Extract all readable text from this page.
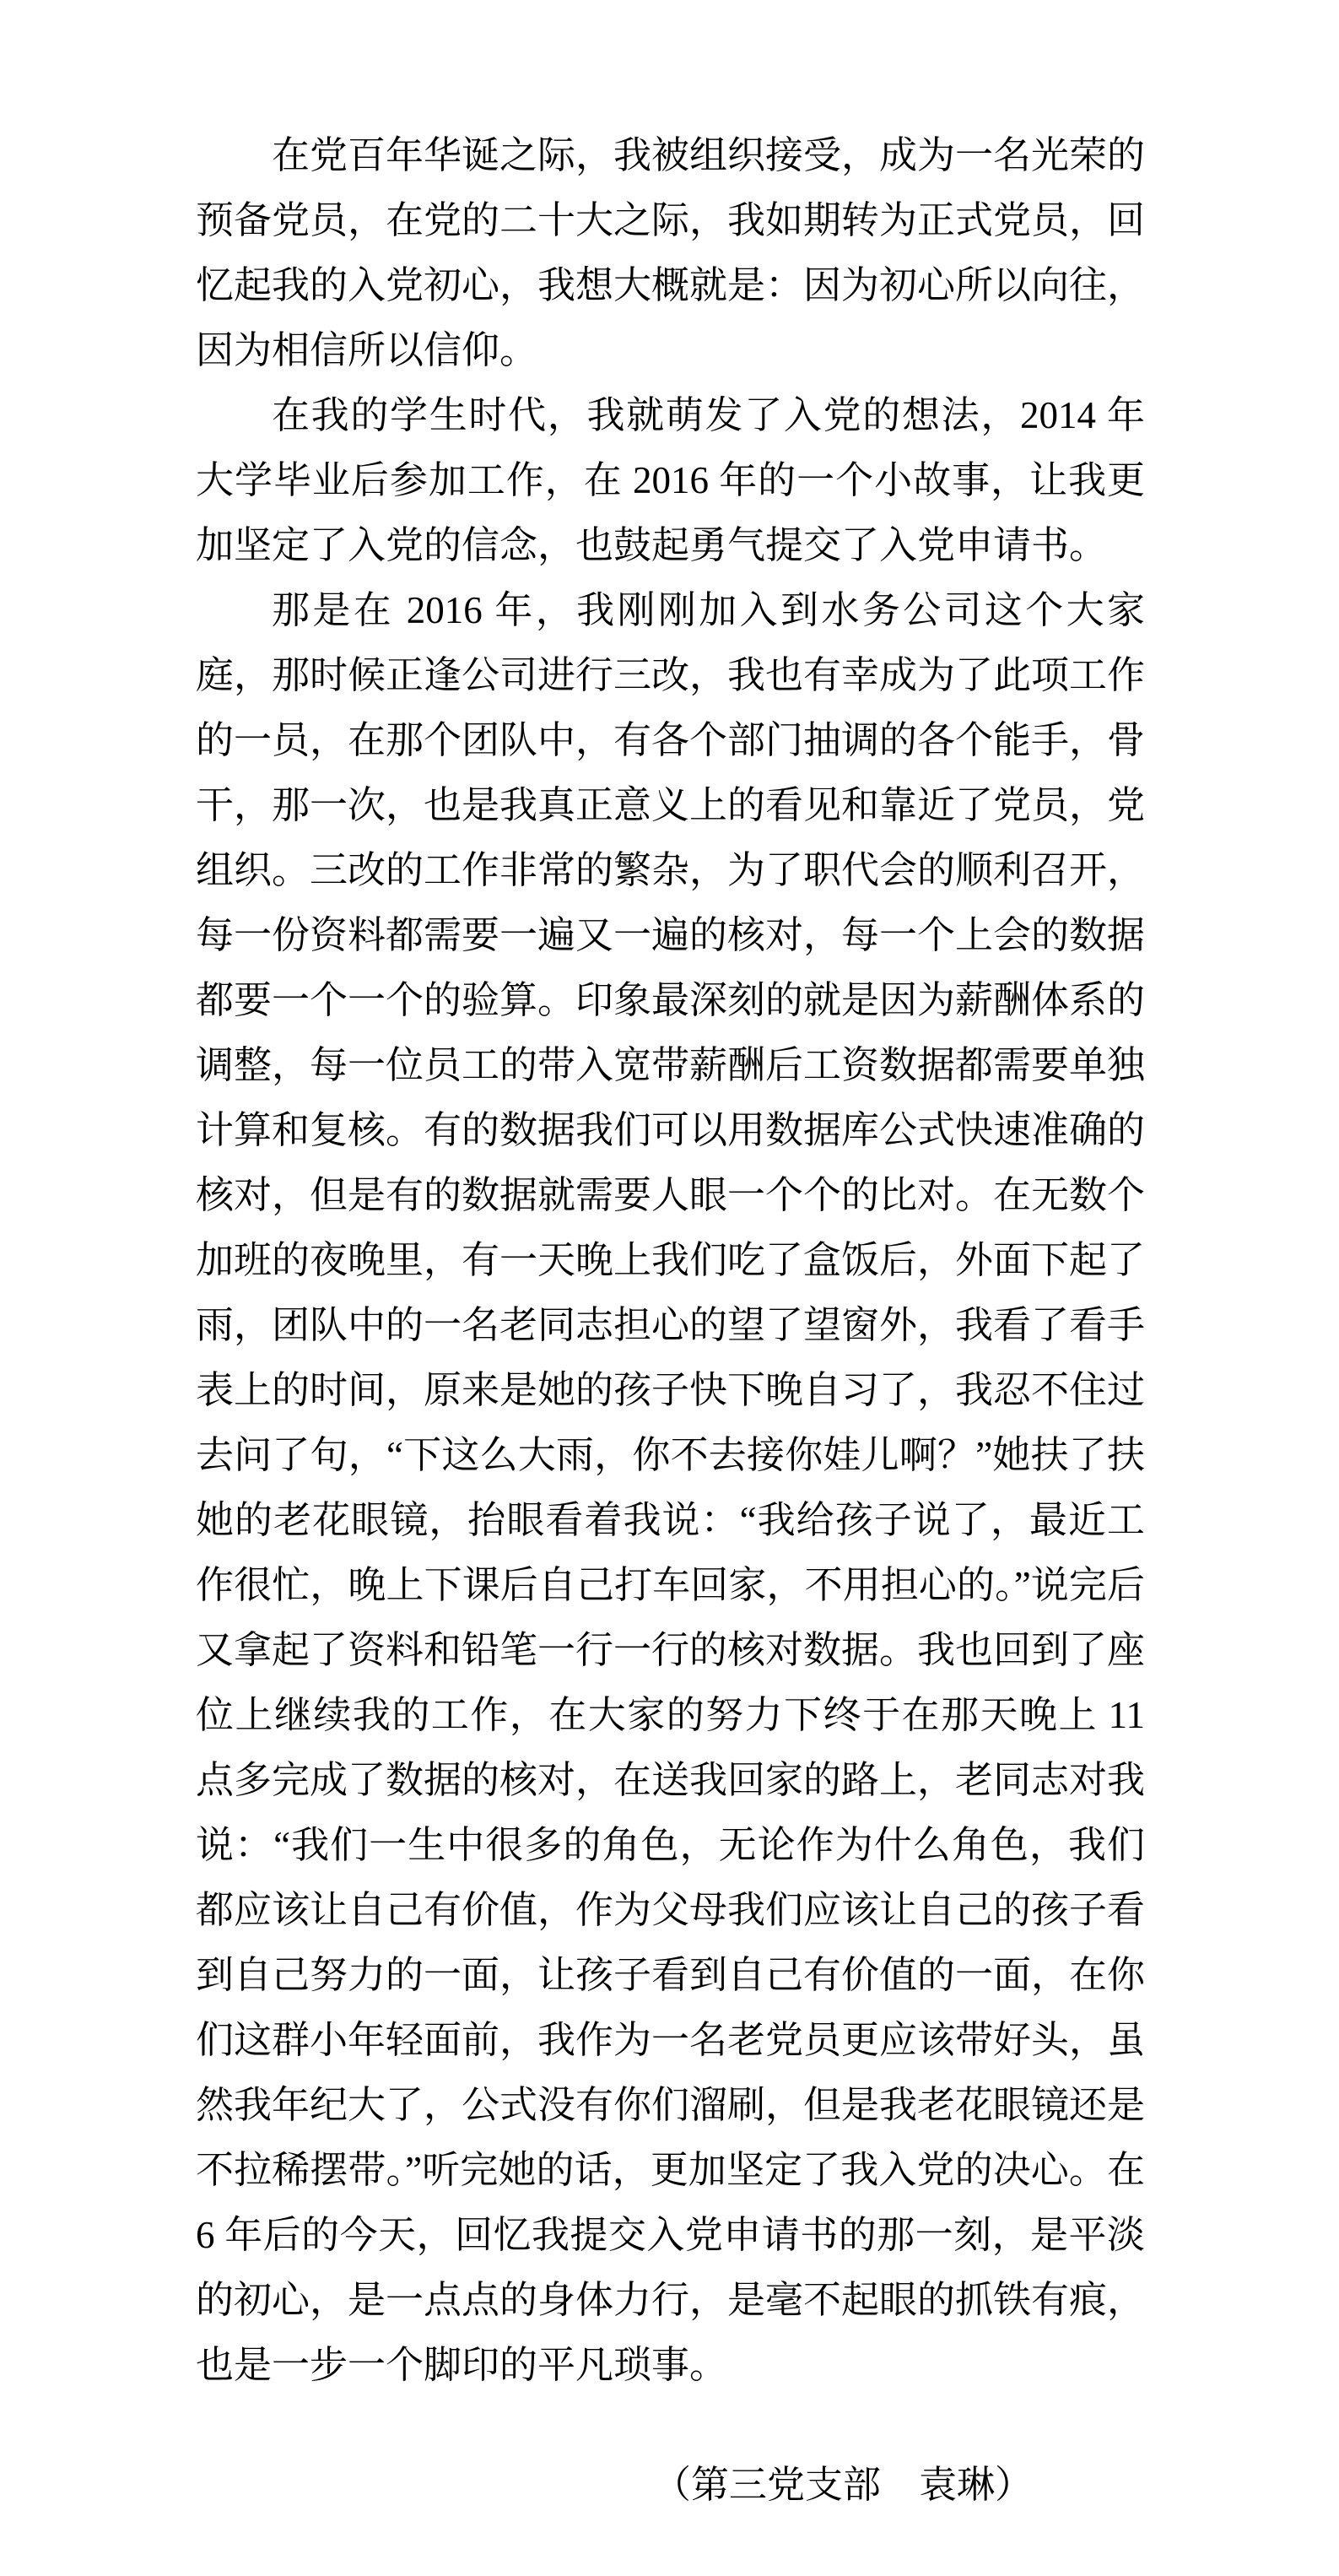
在党百年华诞之际，我被组织接受，成为一名光荣的预备党员，在党的二十大之际，我如期转为正式党员，回忆起我的入党初心，我想大概就是：因为初心所以向往，因为相信所以信仰。

在我的学生时代，我就萌发了入党的想法，2014 年大学毕业后参加工作，在 2016 年的一个小故事，让我更加坚定了入党的信念，也鼓起勇气提交了入党申请书。

那是在 2016 年，我刚刚加入到水务公司这个大家庭，那时候正逢公司进行三改，我也有幸成为了此项工作的一员，在那个团队中，有各个部门抽调的各个能手，骨干，那一次，也是我真正意义上的看见和靠近了党员，党组织。三改的工作非常的繁杂，为了职代会的顺利召开，每一份资料都需要一遍又一遍的核对，每一个上会的数据都要一个一个的验算。印象最深刻的就是因为薪酬体系的调整，每一位员工的带入宽带薪酬后工资数据都需要单独计算和复核。有的数据我们可以用数据库公式快速准确的核对，但是有的数据就需要人眼一个个的比对。在无数个加班的夜晚里，有一天晚上我们吃了盒饭后，外面下起了雨，团队中的一名老同志担心的望了望窗外，我看了看手表上的时间，原来是她的孩子快下晚自习了，我忍不住过去问了句，“下这么大雨，你不去接你娃儿啊？”她扶了扶她的老花眼镜，抬眼看着我说：“我给孩子说了，最近工作很忙，晚上下课后自己打车回家，不用担心的。”说完后又拿起了资料和铅笔一行一行的核对数据。我也回到了座位上继续我的工作，在大家的努力下终于在那天晚上 11 点多完成了数据的核对，在送我回家的路上，老同志对我说：“我们一生中很多的角色，无论作为什么角色，我们都应该让自己有价值，作为父母我们应该让自己的孩子看到自己努力的一面，让孩子看到自己有价值的一面，在你们这群小年轻面前，我作为一名老党员更应该带好头，虽然我年纪大了，公式没有你们溜刷，但是我老花眼镜还是不拉稀摆带。”听完她的话，更加坚定了我入党的决心。在 6 年后的今天，回忆我提交入党申请书的那一刻，是平淡的初心，是一点点的身体力行，是毫不起眼的抓铁有痕，也是一步一个脚印的平凡琐事。

（第三党支部　袁琳）
